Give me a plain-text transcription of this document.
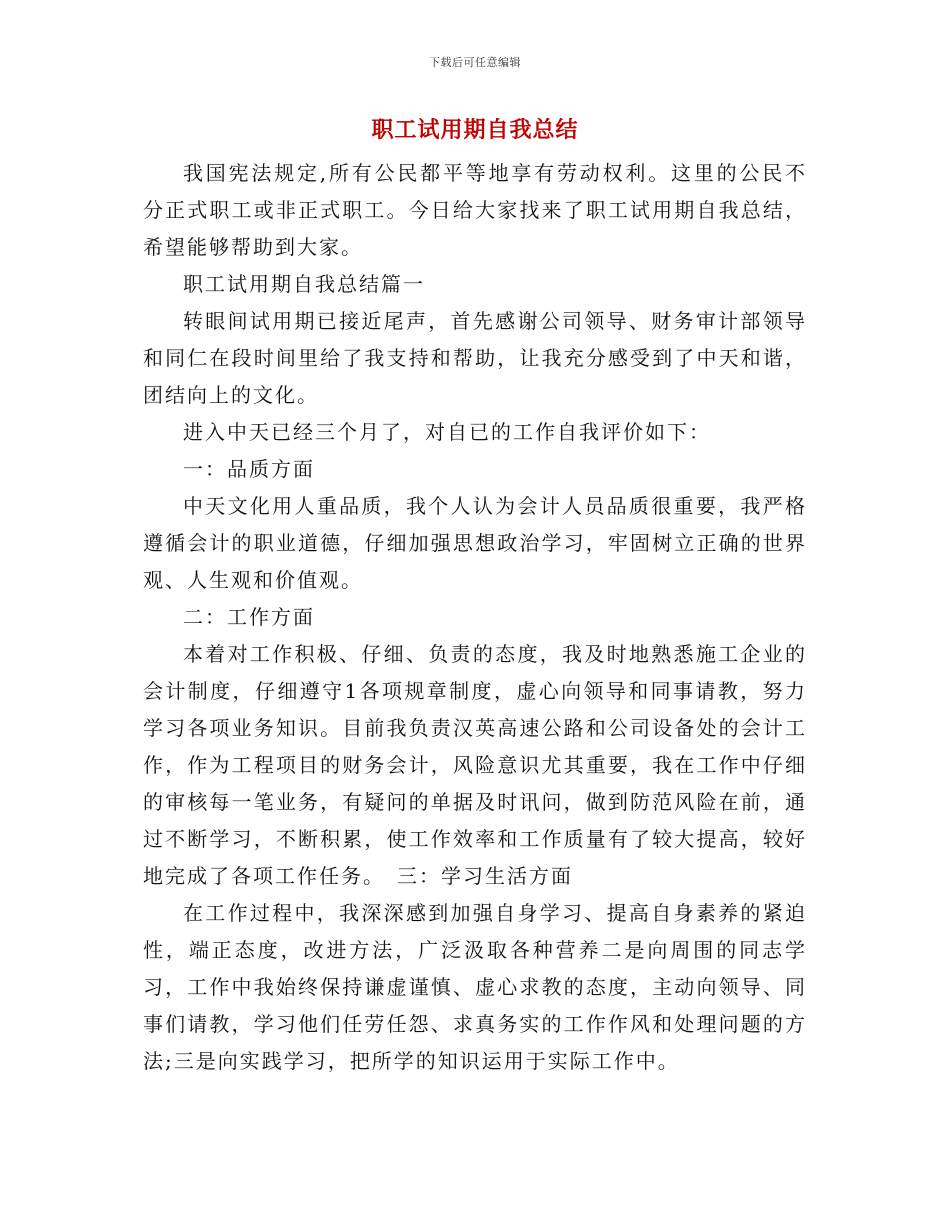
下载后可任意编辑
职工试用期自我总结

我国宪法规定,所有公民都平等地享有劳动权利。这里的公民不分正式职工或非正式职工。今日给大家找来了职工试用期自我总结，希望能够帮助到大家。

职工试用期自我总结篇一

转眼间试用期已接近尾声，首先感谢公司领导、财务审计部领导和同仁在段时间里给了我支持和帮助，让我充分感受到了中天和谐，团结向上的文化。

进入中天已经三个月了，对自已的工作自我评价如下：

一：品质方面

中天文化用人重品质，我个人认为会计人员品质很重要，我严格遵循会计的职业道德，仔细加强思想政治学习，牢固树立正确的世界观、人生观和价值观。

二：工作方面

本着对工作积极、仔细、负责的态度，我及时地熟悉施工企业的会计制度，仔细遵守1各项规章制度，虚心向领导和同事请教，努力学习各项业务知识。目前我负责汉英高速公路和公司设备处的会计工作，作为工程项目的财务会计，风险意识尤其重要，我在工作中仔细的审核每一笔业务，有疑问的单据及时讯问，做到防范风险在前，通过不断学习，不断积累，使工作效率和工作质量有了较大提高，较好地完成了各项工作任务。　三：学习生活方面

在工作过程中，我深深感到加强自身学习、提高自身素养的紧迫性，端正态度，改进方法，广泛汲取各种营养二是向周围的同志学习，工作中我始终保持谦虚谨慎、虚心求教的态度，主动向领导、同事们请教，学习他们任劳任怨、求真务实的工作作风和处理问题的方法;三是向实践学习，把所学的知识运用于实际工作中。
